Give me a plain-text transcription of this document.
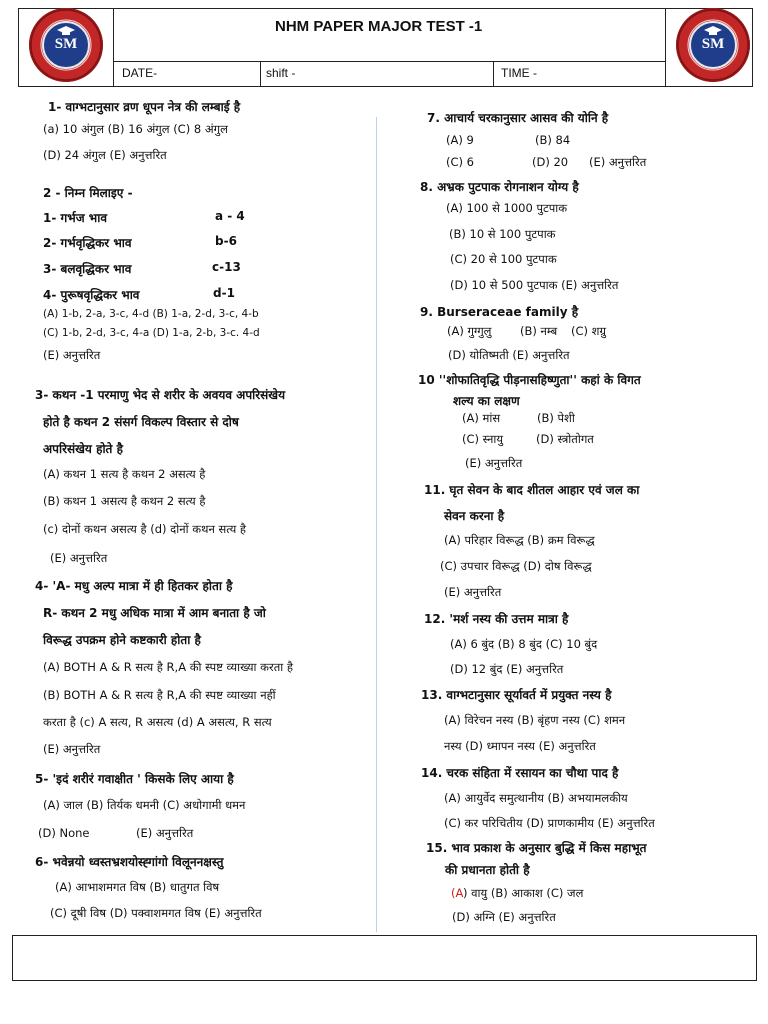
NHM PAPER MAJOR TEST -1
DATE-	shift -	TIME -
SM	SM
1- वाग्भटानुसार व्रण धूपन नेत्र की लम्बाई है
(a) 10 अंगुल (B) 16 अंगुल (C) 8 अंगुल
(D) 24 अंगुल (E) अनुत्तरित
2 - निम्न मिलाइए -
1- गर्भज भाव	a - 4
2- गर्भवृद्धिकर भाव	b-6
3- बलवृद्धिकर भाव	c-13
4- पुरूषवृद्धिकर भाव	d-1
(A) 1-b, 2-a, 3-c, 4-d (B) 1-a, 2-d, 3-c, 4-b
(C) 1-b, 2-d, 3-c, 4-a (D) 1-a, 2-b, 3-c. 4-d
(E) अनुत्तरित
3- कथन -1 परमाणु भेद से शरीर के अवयव अपरिसंखेय
होते है कथन 2 संसर्ग विकल्प विस्तार से दोष
अपरिसंखेय होते है
(A) कथन 1 सत्य है कथन 2 असत्य है
(B) कथन 1 असत्य है कथन 2 सत्य है
(c) दोनों कथन असत्य है (d) दोनों कथन सत्य है
(E) अनुत्तरित
4- 'A- मधु अल्प मात्रा में ही हितकर होता है
R- कथन 2 मधु अधिक मात्रा में आम बनाता है जो
विरूद्ध उपक्रम होने कष्टकारी होता है
(A) BOTH A & R सत्य है R,A की स्पष्ट व्याख्या करता है
(B) BOTH A & R सत्य है R,A की स्पष्ट व्याख्या नहीं
करता है (c) A सत्य, R असत्य (d) A असत्य, R सत्य
(E) अनुत्तरित
5- 'इदं शरीरं गवाक्षीत ' किसके लिए आया है
(A) जाल (B) तिर्यक धमनी (C) अधोगामी धमन
(D) None	(E) अनुत्तरित
6- भवेन्नयो ध्वस्तभ्रशयोस्ह्गांगो विलूननक्षस्तु
(A) आभाशमगत विष (B) धातुगत विष
(C) दूषी विष (D) पक्वाशमगत विष (E) अनुत्तरित
7. आचार्य चरकानुसार आसव की योनि है
(A) 9	(B) 84
(C) 6	(D) 20 (E) अनुत्तरित
8. अभ्रक पुटपाक रोगनाशन योग्य है
(A) 100 से 1000 पुटपाक
(B) 10 से 100 पुटपाक
(C) 20 से 100 पुटपाक
(D) 10 से 500 पुटपाक (E) अनुत्तरित
9. Burseraceae family है
(A) गुग्गुलु (B) नम्ब (C) शग्रु
(D) योतिष्मती (E) अनुत्तरित
10 ''शोफातिवृद्धि पीड़नासहिष्णुता'' कहां के विगत
शल्य का लक्षण
(A) मांस	(B) पेशी
(C) स्नायु	(D) स्त्रोतोगत
(E) अनुत्तरित
11. घृत सेवन के बाद शीतल आहार एवं जल का
सेवन करना है
(A) परिहार विरूद्ध (B) क्रम विरूद्ध
(C) उपचार विरूद्ध (D) दोष विरूद्ध
(E) अनुत्तरित
12. 'मर्श नस्य की उत्तम मात्रा है
(A) 6 बुंद (B) 8 बुंद (C) 10 बुंद
(D) 12 बुंद (E) अनुत्तरित
13. वाग्भटानुसार सूर्यावर्त में प्रयुक्त नस्य है
(A) विरेचन नस्य (B) बृंहण नस्य (C) शमन
नस्य (D) ध्मापन नस्य (E) अनुत्तरित
14. चरक संहिता में रसायन का चौथा पाद है
(A) आयुर्वेद समुत्थानीय (B) अभयामलकीय
(C) कर परिचितीय (D) प्राणकामीय (E) अनुत्तरित
15. भाव प्रकाश के अनुसार बुद्धि में किस महाभूत
की प्रधानता होती है
(A ) वायु (B) आकाश (C) जल
(D) अग्नि (E) अनुत्तरित
